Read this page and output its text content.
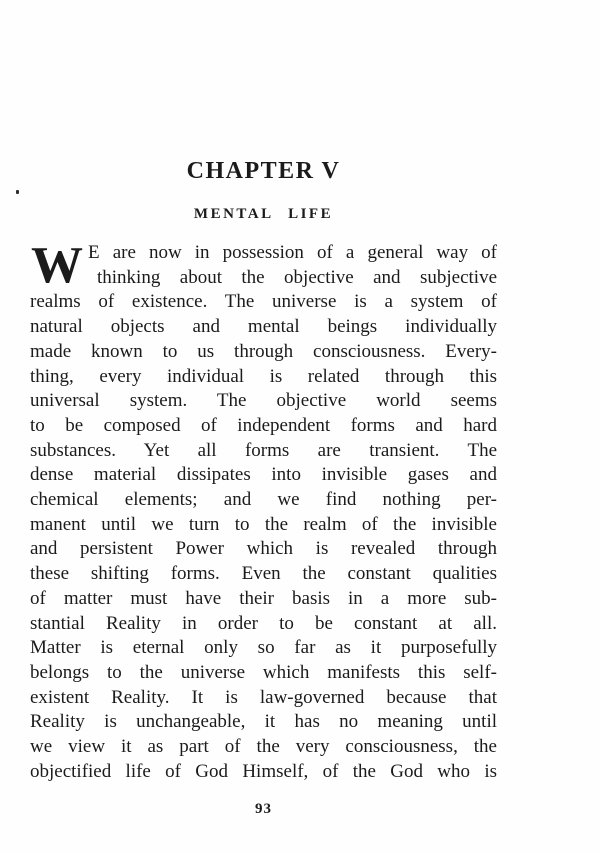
CHAPTER V
MENTAL LIFE
W E are now in possession of a general way of
thinking about the objective and subjective
realms of existence. The universe is a system of
natural objects and mental beings individually
made known to us through consciousness. Every-
thing, every individual is related through this
universal system. The objective world seems
to be composed of independent forms and hard
substances. Yet all forms are transient. The
dense material dissipates into invisible gases and
chemical elements; and we find nothing per-
manent until we turn to the realm of the invisible
and persistent Power which is revealed through
these shifting forms. Even the constant qualities
of matter must have their basis in a more sub-
stantial Reality in order to be constant at all.
Matter is eternal only so far as it purposefully
belongs to the universe which manifests this self-
existent Reality. It is law-governed because that
Reality is unchangeable, it has no meaning until
we view it as part of the very consciousness, the
objectified life of God Himself, of the God who is
93
